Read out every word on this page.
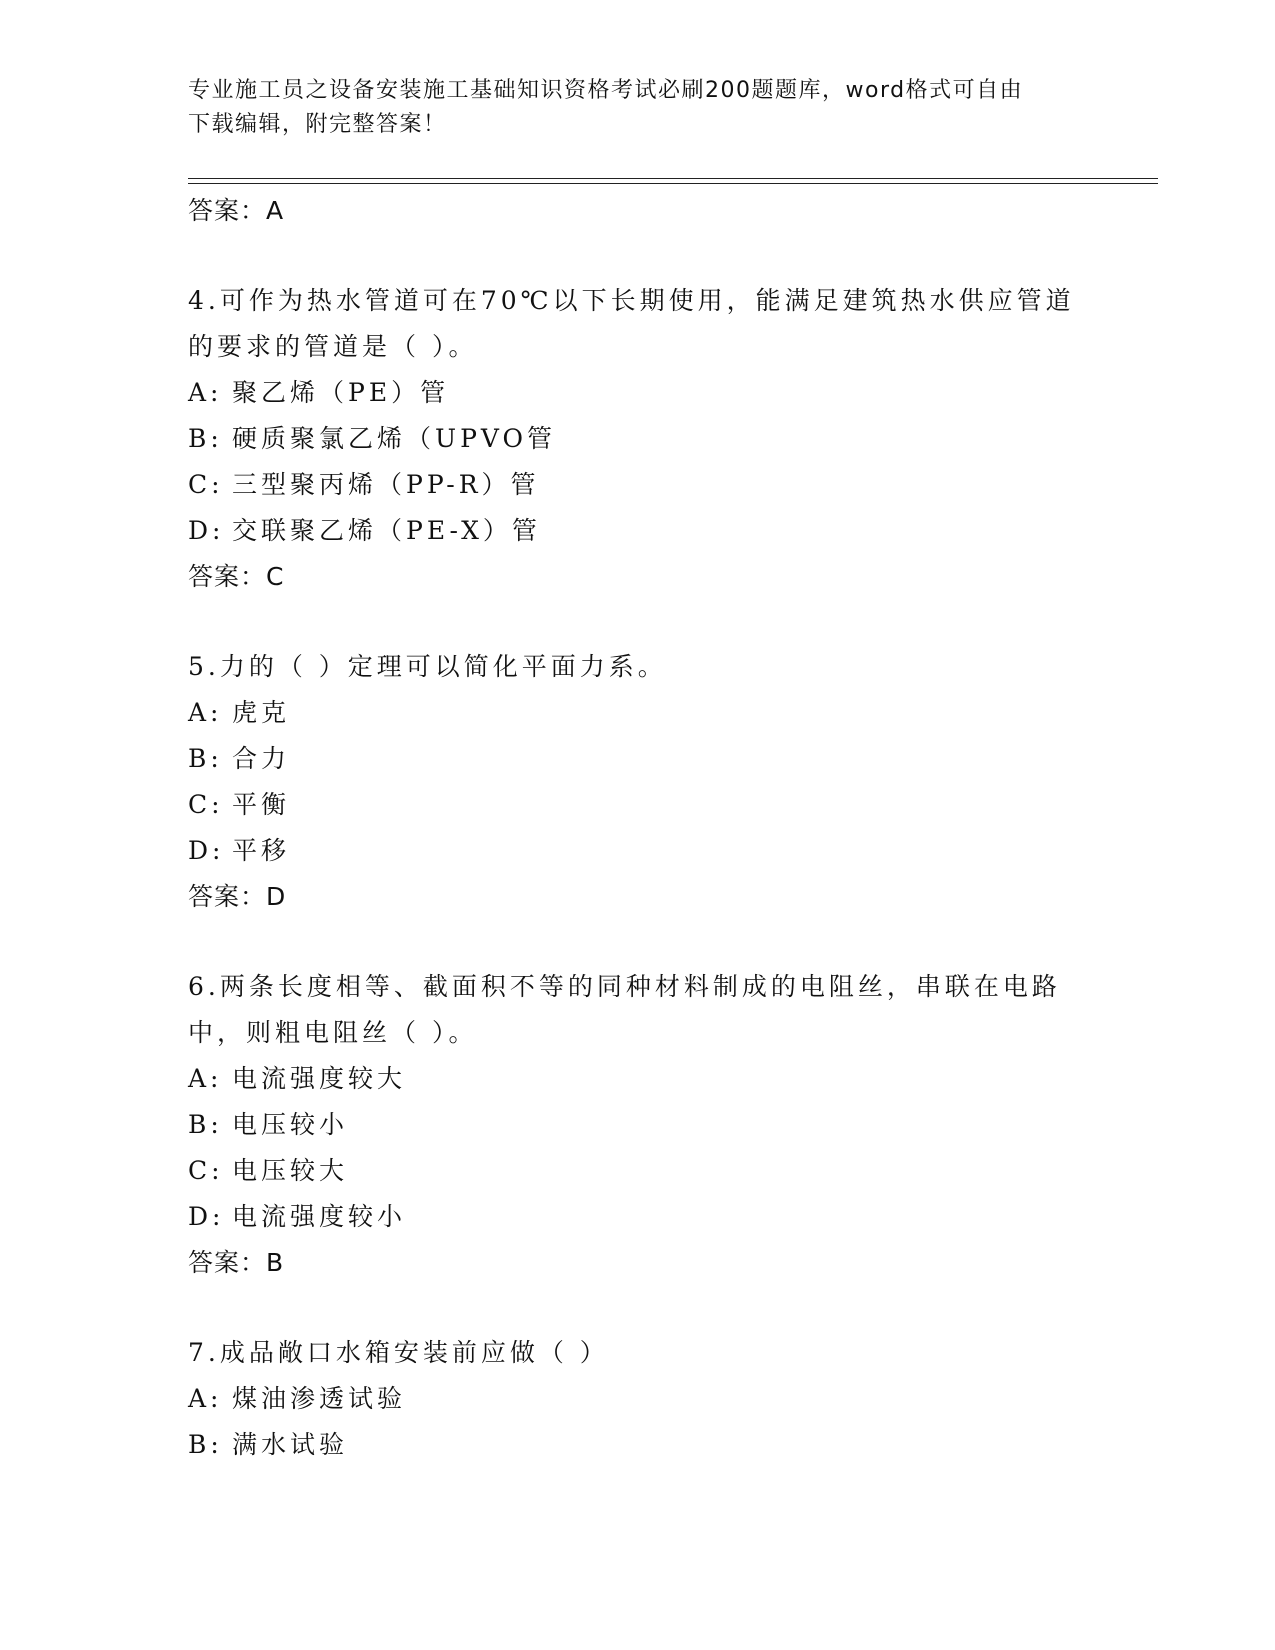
专业施工员之设备安装施工基础知识资格考试必刷200题题库，word格式可自由
下载编辑，附完整答案！
答案：A
4.可作为热水管道可在70℃以下长期使用，能满足建筑热水供应管道
的要求的管道是（ ）。
A: 聚乙烯（PE）管
B: 硬质聚氯乙烯（UPVO管
C: 三型聚丙烯（PP-R）管
D: 交联聚乙烯（PE-X）管
答案：C
5.力的（ ）定理可以简化平面力系。
A: 虎克
B: 合力
C: 平衡
D: 平移
答案：D
6.两条长度相等、截面积不等的同种材料制成的电阻丝，串联在电路
中，则粗电阻丝（ ）。
A: 电流强度较大
B: 电压较小
C: 电压较大
D: 电流强度较小
答案：B
7.成品敞口水箱安装前应做（ ）
A: 煤油渗透试验
B: 满水试验
